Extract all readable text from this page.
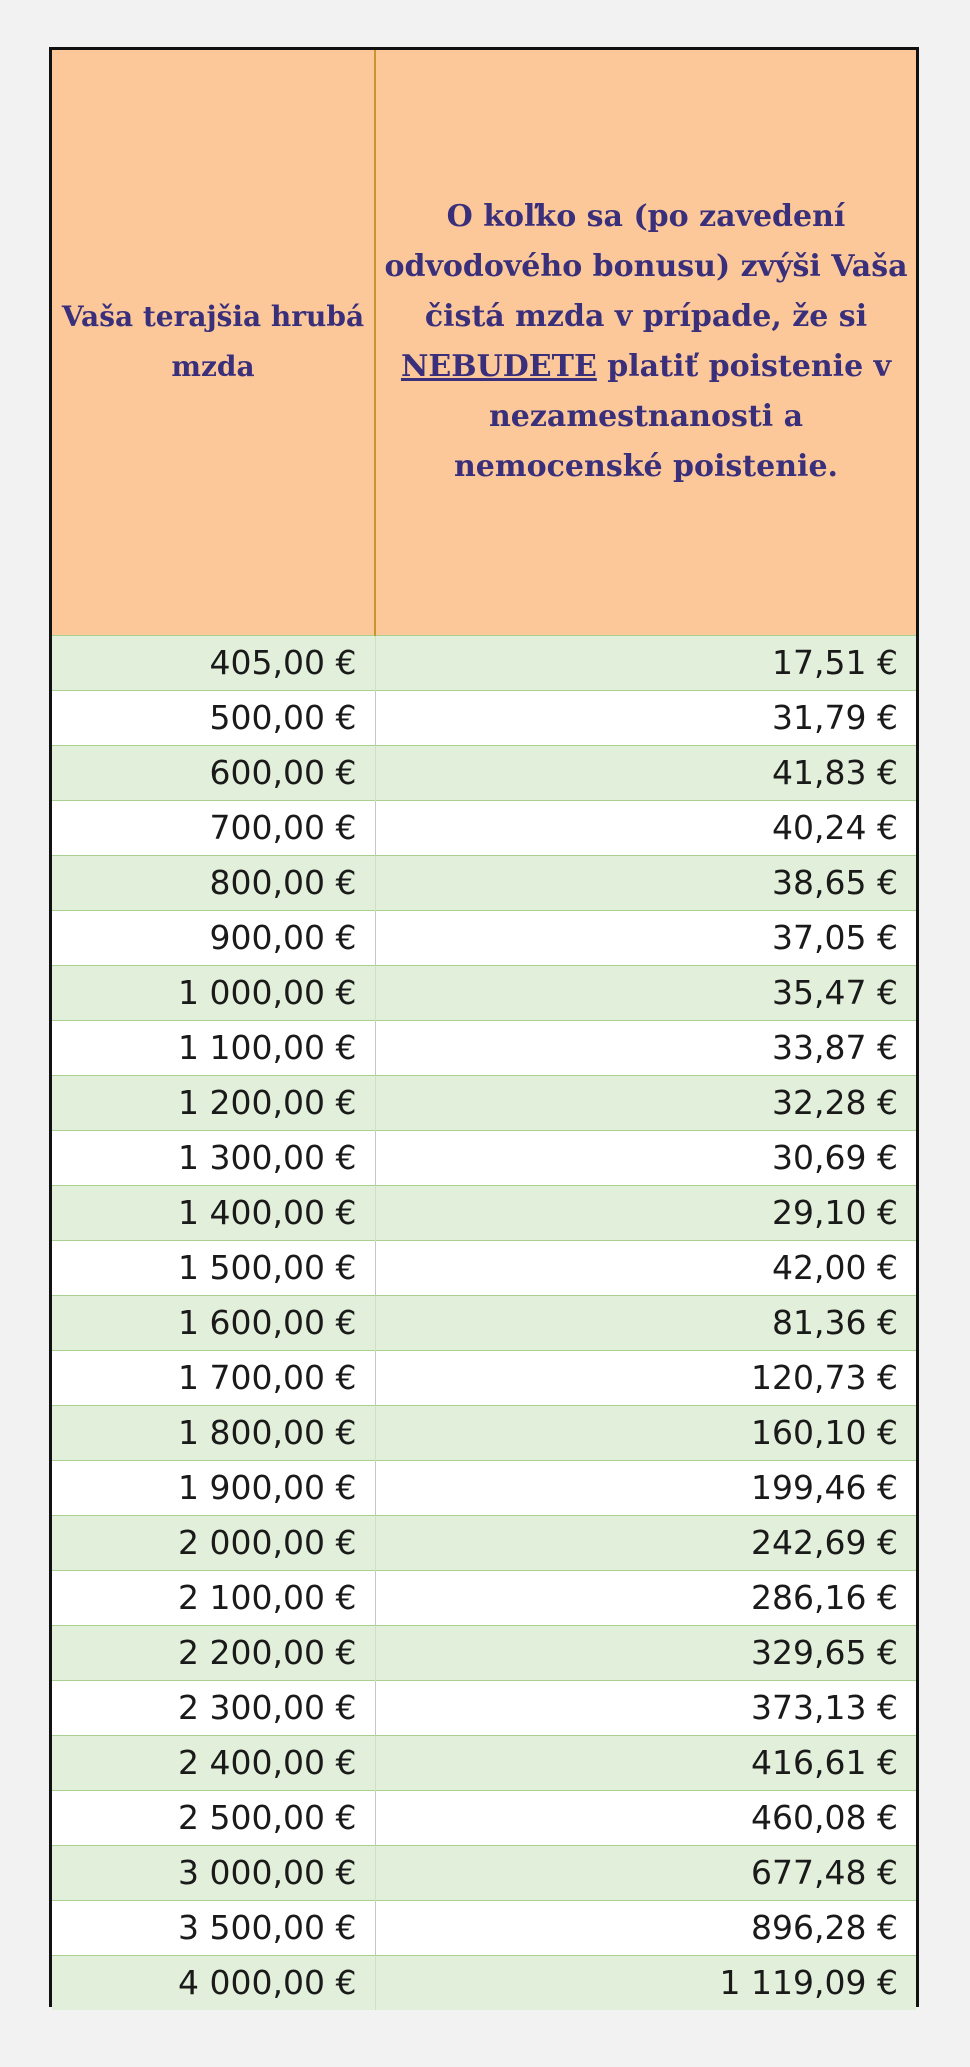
Vaša terajšia hrubá mzda	O koľko sa (po zavedení odvodového bonusu) zvýši Vaša čistá mzda v prípade, že si NEBUDETE platiť poistenie v nezamestnanosti a nemocenské poistenie.
405,00 €	17,51 €
500,00 €	31,79 €
600,00 €	41,83 €
700,00 €	40,24 €
800,00 €	38,65 €
900,00 €	37,05 €
1 000,00 €	35,47 €
1 100,00 €	33,87 €
1 200,00 €	32,28 €
1 300,00 €	30,69 €
1 400,00 €	29,10 €
1 500,00 €	42,00 €
1 600,00 €	81,36 €
1 700,00 €	120,73 €
1 800,00 €	160,10 €
1 900,00 €	199,46 €
2 000,00 €	242,69 €
2 100,00 €	286,16 €
2 200,00 €	329,65 €
2 300,00 €	373,13 €
2 400,00 €	416,61 €
2 500,00 €	460,08 €
3 000,00 €	677,48 €
3 500,00 €	896,28 €
4 000,00 €	1 119,09 €
